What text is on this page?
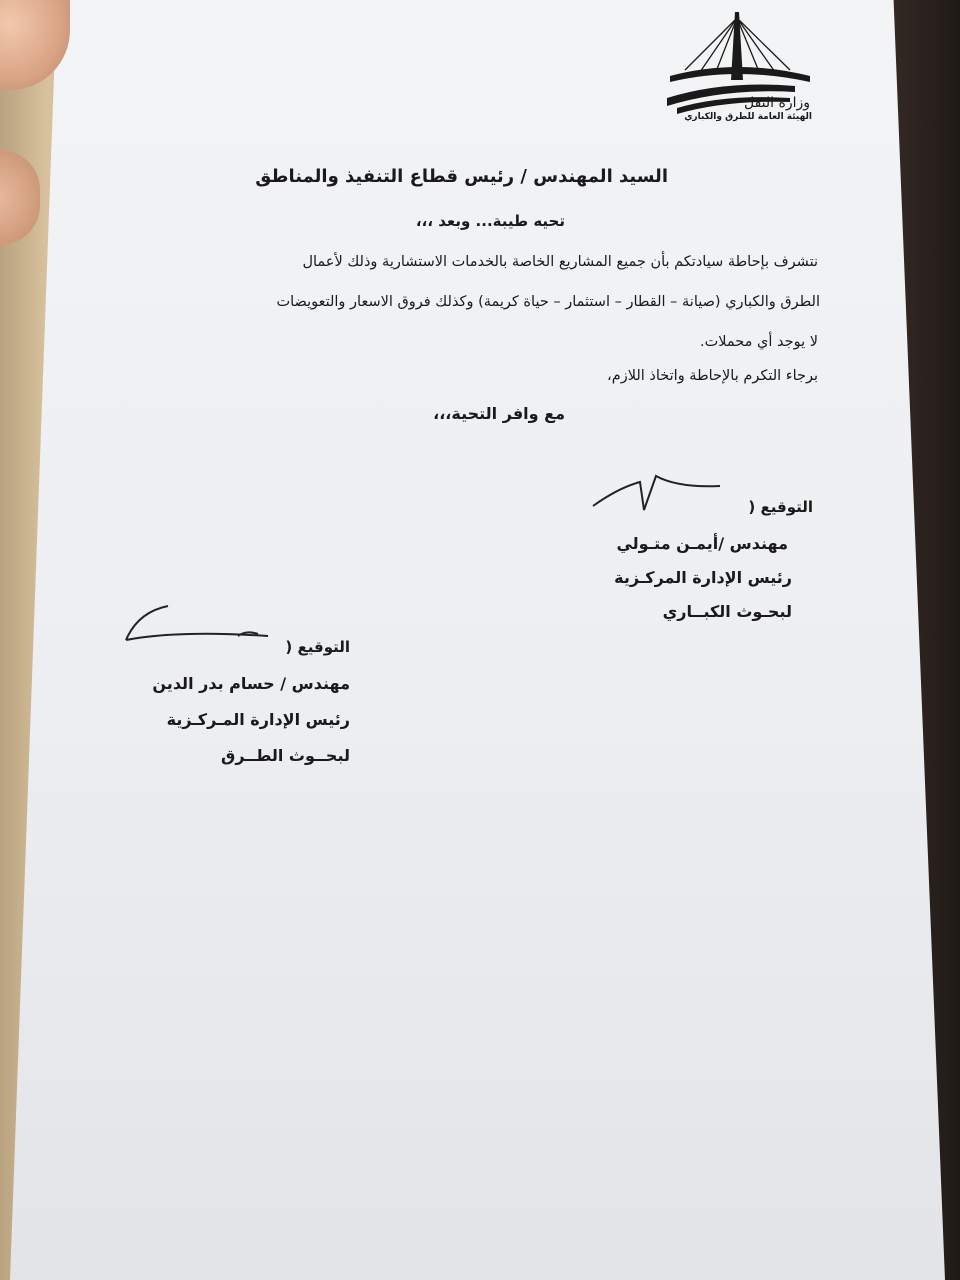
وزارة النقل
الهيئة العامة للطرق والكباري
السيد المهندس / رئيس قطاع التنفيذ والمناطق
تحيه طيبة... وبعد ،،،
نتشرف بإحاطة سيادتكم بأن جميع المشاريع الخاصة بالخدمات الاستشارية وذلك لأعمال
الطرق والكباري (صيانة – القطار – استثمار – حياة كريمة) وكذلك فروق الاسعار والتعويضات
لا يوجد أي محملات.
برجاء التكرم بالإحاطة واتخاذ اللازم،
مع وافر التحية،،،
التوقيع (
مهندس /أيمـن متـولي
رئيس الإدارة المركـزية
لبحـوث الكبــاري
التوقيع (
مهندس / حسام بدر الدين
رئيس الإدارة المـركـزية
لبحــوث الطــرق
